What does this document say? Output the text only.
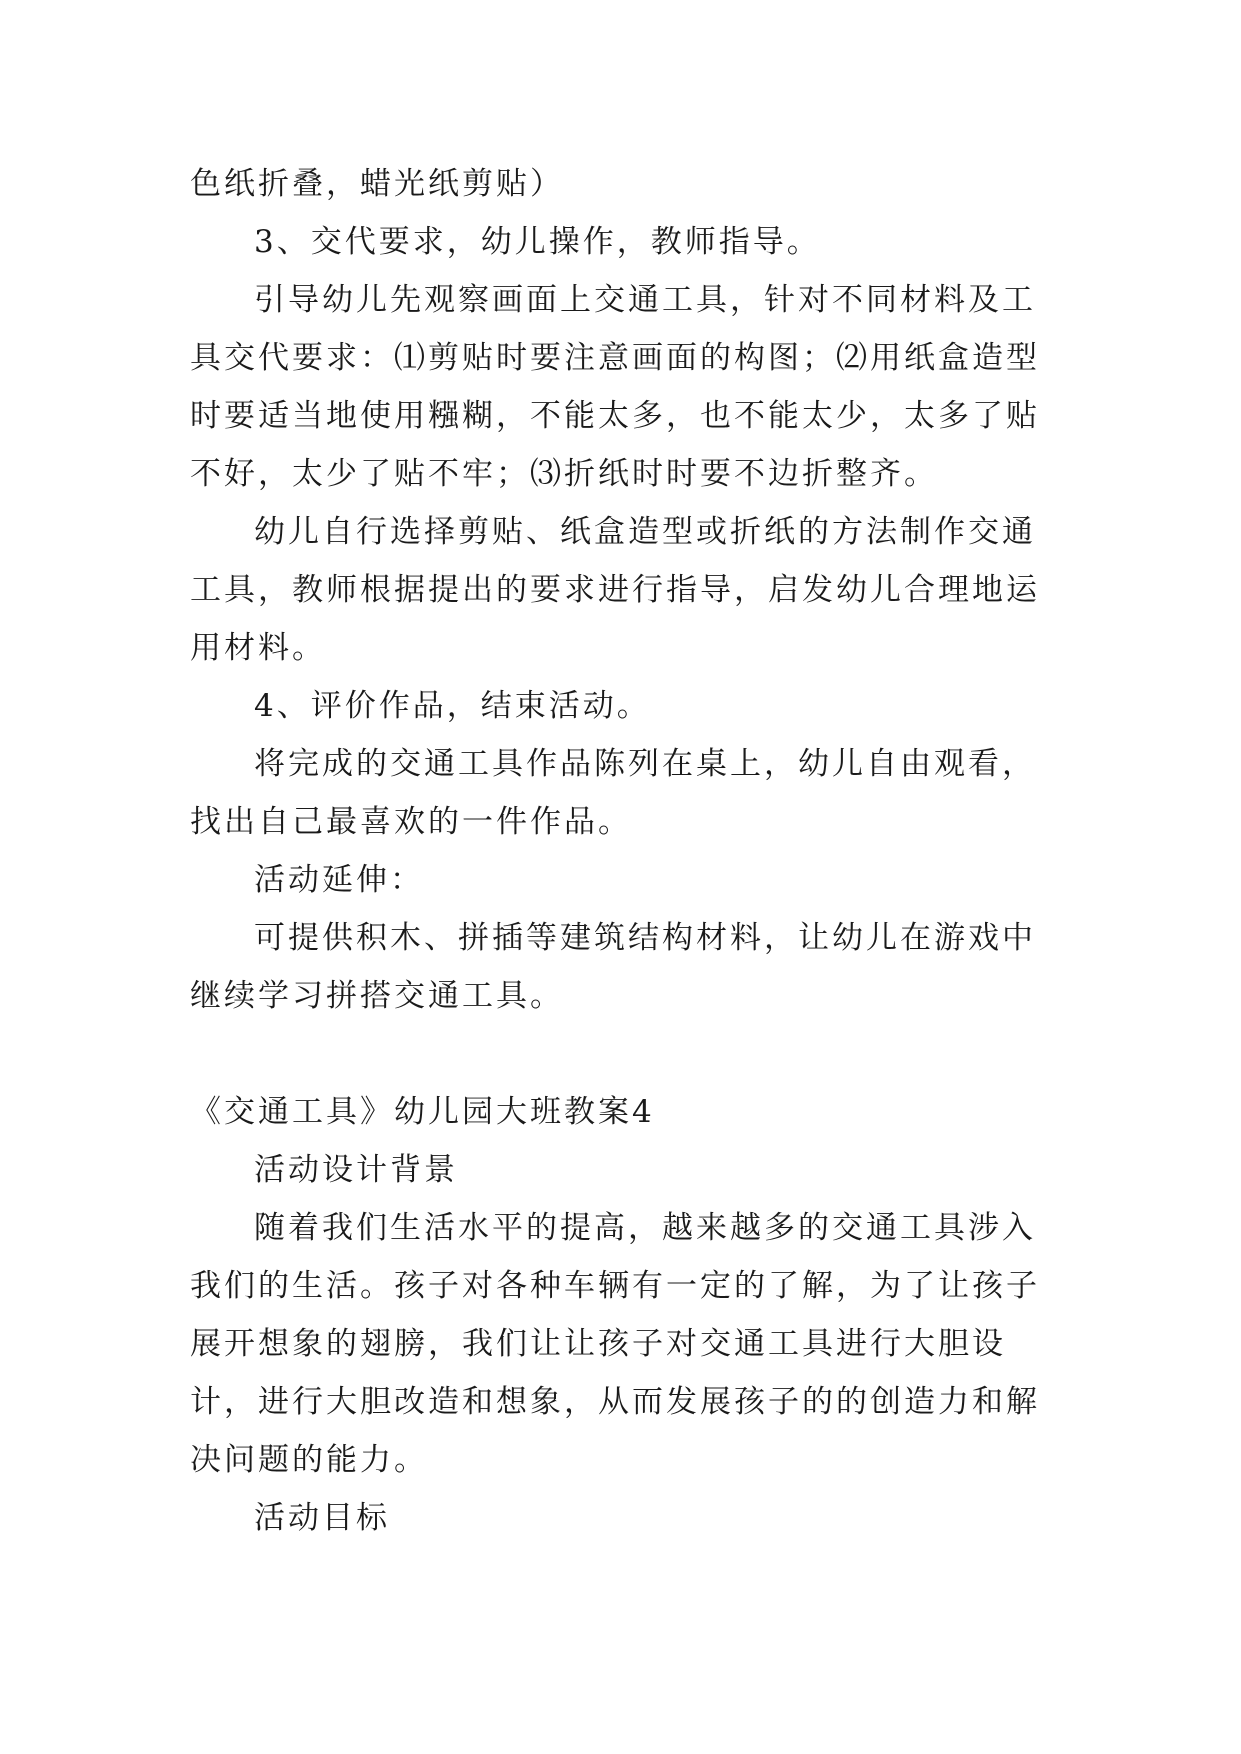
色纸折叠，蜡光纸剪贴）

3、交代要求，幼儿操作，教师指导。

引导幼儿先观察画面上交通工具，针对不同材料及工具交代要求：⑴剪贴时要注意画面的构图；⑵用纸盒造型时要适当地使用糨糊，不能太多，也不能太少，太多了贴不好，太少了贴不牢；⑶折纸时时要不边折整齐。

幼儿自行选择剪贴、纸盒造型或折纸的方法制作交通工具，教师根据提出的要求进行指导，启发幼儿合理地运用材料。

4、评价作品，结束活动。

将完成的交通工具作品陈列在桌上，幼儿自由观看，找出自己最喜欢的一件作品。

活动延伸：

可提供积木、拼插等建筑结构材料，让幼儿在游戏中继续学习拼搭交通工具。

《交通工具》幼儿园大班教案4

活动设计背景

随着我们生活水平的提高，越来越多的交通工具涉入我们的生活。孩子对各种车辆有一定的了解，为了让孩子展开想象的翅膀，我们让让孩子对交通工具进行大胆设计，进行大胆改造和想象，从而发展孩子的的创造力和解决问题的能力。

活动目标
